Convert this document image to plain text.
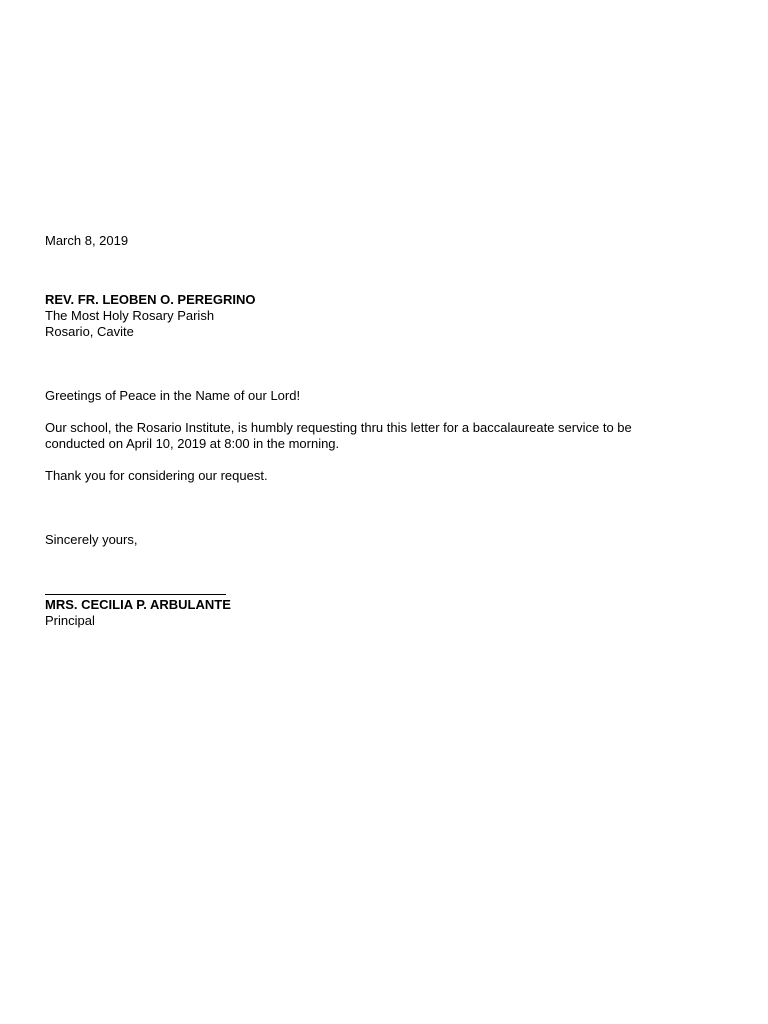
March 8, 2019
REV. FR. LEOBEN O. PEREGRINO
The Most Holy Rosary Parish
Rosario, Cavite
Greetings of Peace in the Name of our Lord!
Our school, the Rosario Institute, is humbly requesting thru this letter for a baccalaureate service to be
conducted on April 10, 2019 at 8:00 in the morning.
Thank you for considering our request.
Sincerely yours,
MRS. CECILIA P. ARBULANTE
Principal
